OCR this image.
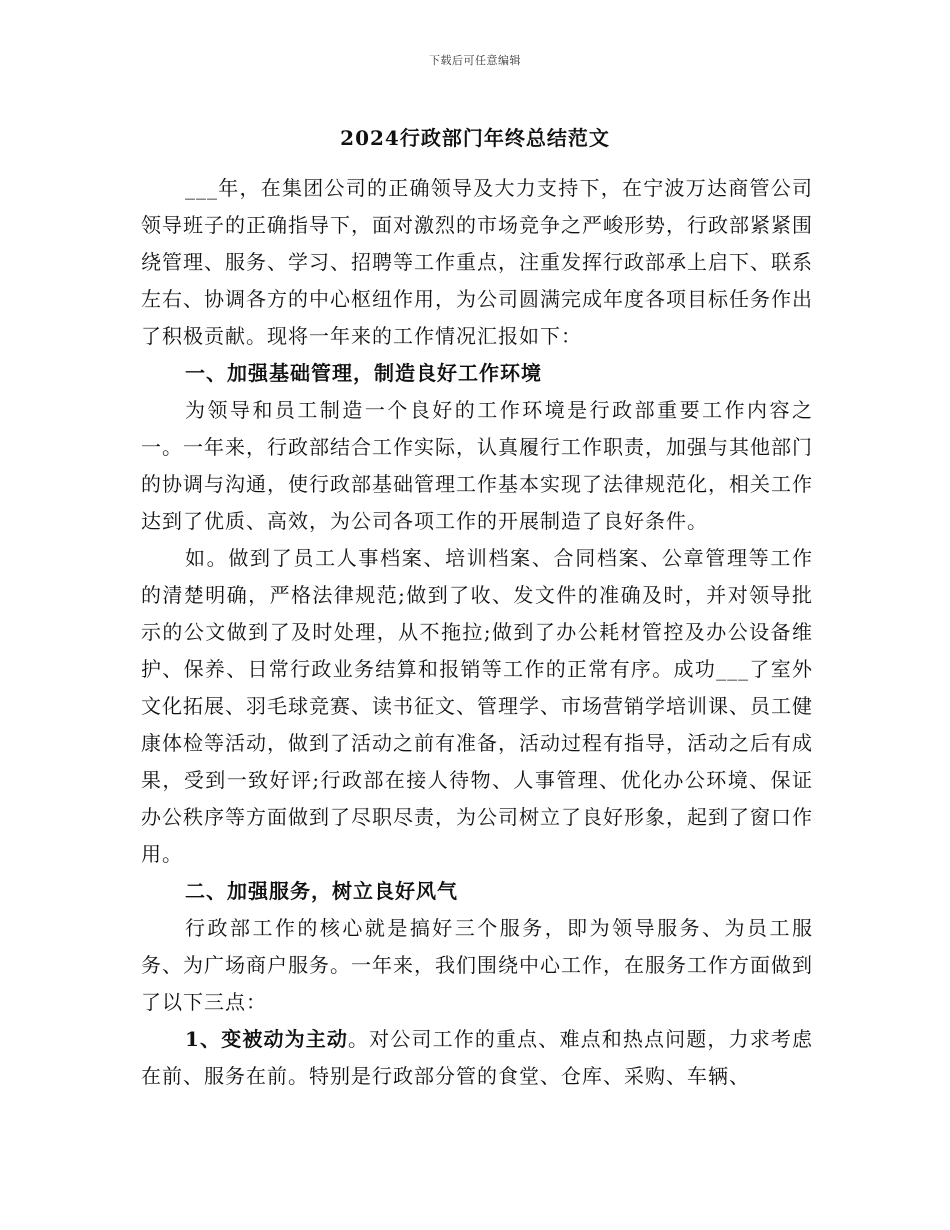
下载后可任意编辑
2024行政部门年终总结范文

___年，在集团公司的正确领导及大力支持下，在宁波万达商管公司领导班子的正确指导下，面对激烈的市场竞争之严峻形势，行政部紧紧围绕管理、服务、学习、招聘等工作重点，注重发挥行政部承上启下、联系左右、协调各方的中心枢纽作用，为公司圆满完成年度各项目标任务作出了积极贡献。现将一年来的工作情况汇报如下：

一、加强基础管理，制造良好工作环境

为领导和员工制造一个良好的工作环境是行政部重要工作内容之一。一年来，行政部结合工作实际，认真履行工作职责，加强与其他部门的协调与沟通，使行政部基础管理工作基本实现了法律规范化，相关工作达到了优质、高效，为公司各项工作的开展制造了良好条件。

如。做到了员工人事档案、培训档案、合同档案、公章管理等工作的清楚明确，严格法律规范;做到了收、发文件的准确及时，并对领导批示的公文做到了及时处理，从不拖拉;做到了办公耗材管控及办公设备维护、保养、日常行政业务结算和报销等工作的正常有序。成功___了室外文化拓展、羽毛球竞赛、读书征文、管理学、市场营销学培训课、员工健康体检等活动，做到了活动之前有准备，活动过程有指导，活动之后有成果，受到一致好评;行政部在接人待物、人事管理、优化办公环境、保证办公秩序等方面做到了尽职尽责，为公司树立了良好形象，起到了窗口作用。

二、加强服务，树立良好风气

行政部工作的核心就是搞好三个服务，即为领导服务、为员工服务、为广场商户服务。一年来，我们围绕中心工作，在服务工作方面做到了以下三点：

1、变被动为主动。对公司工作的重点、难点和热点问题，力求考虑在前、服务在前。特别是行政部分管的食堂、仓库、采购、车辆、
